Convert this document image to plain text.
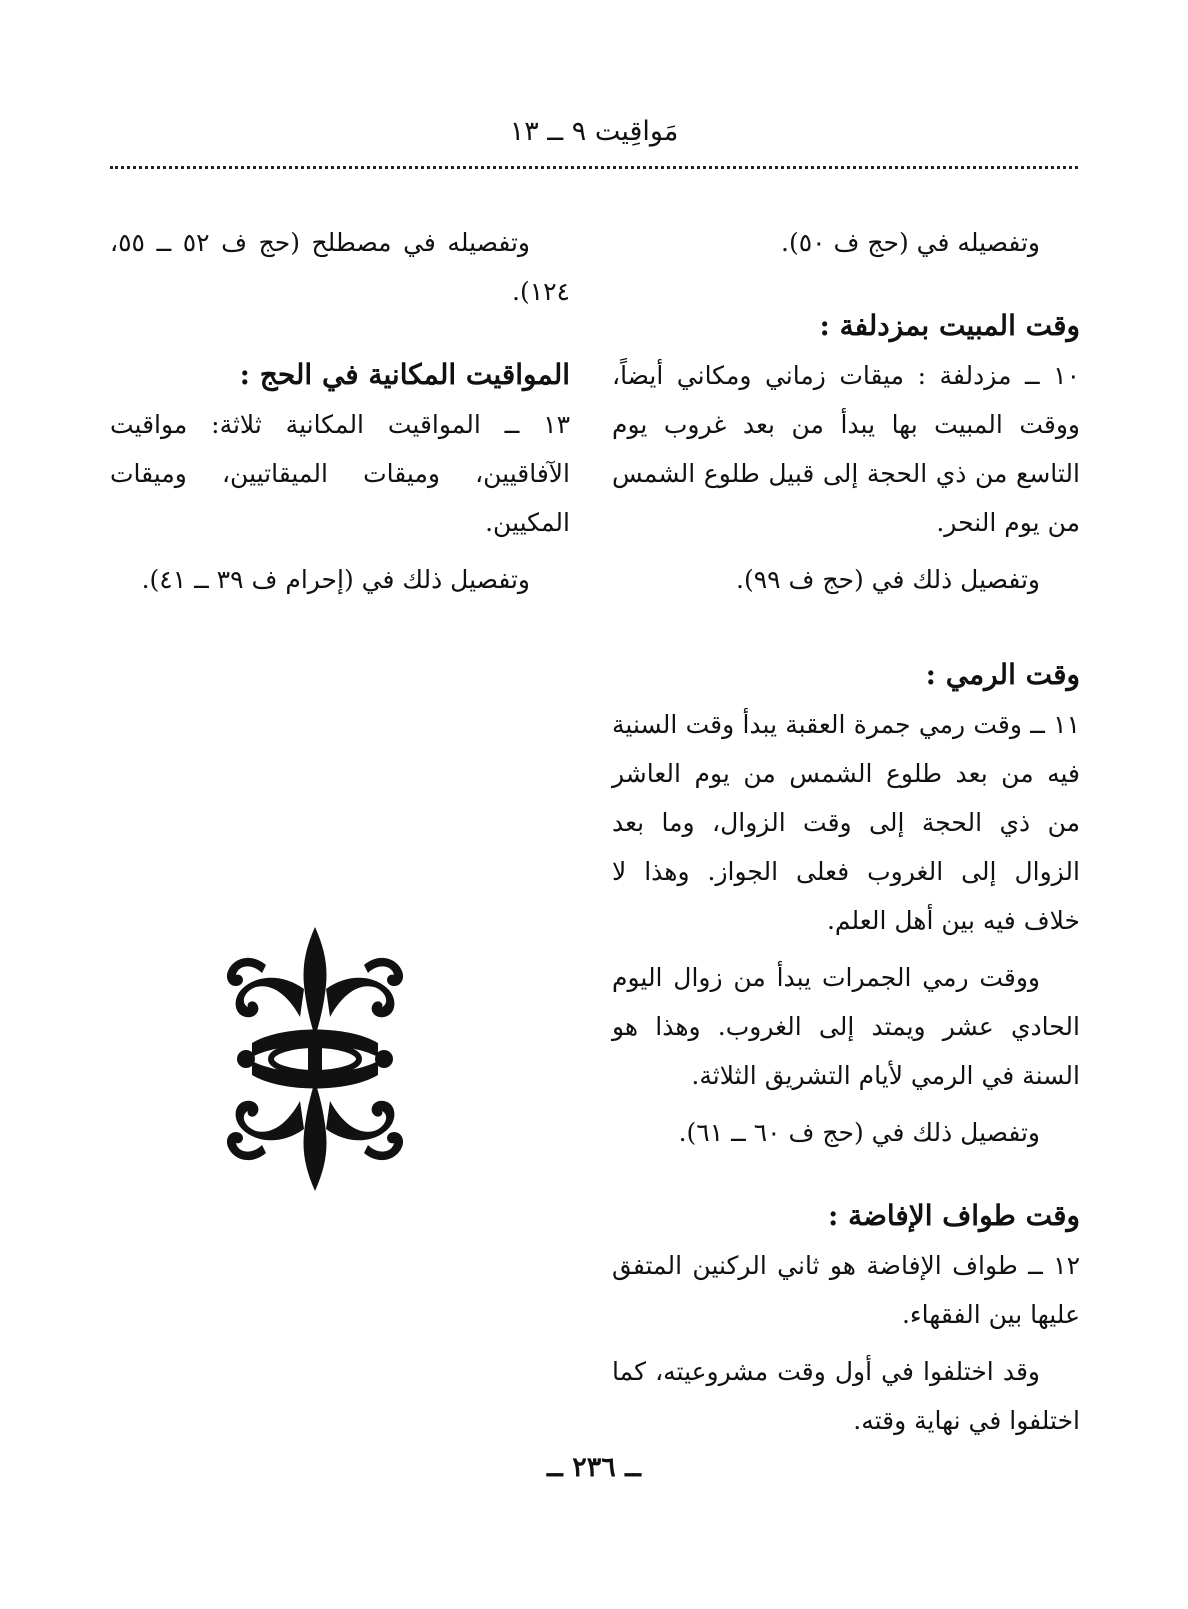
مَواقِيت ٩ ــ ١٣

وتفصيله في (حج ف ٥٠).

وقت المبيت بمزدلفة :

١٠ ــ مزدلفة : ميقات زماني ومكاني أيضاً، ووقت المبيت بها يبدأ من بعد غروب يوم التاسع من ذي الحجة إلى قبيل طلوع الشمس من يوم النحر.

وتفصيل ذلك في (حج ف ٩٩).

وقت الرمي :

١١ ــ وقت رمي جمرة العقبة يبدأ وقت السنية فيه من بعد طلوع الشمس من يوم العاشر من ذي الحجة إلى وقت الزوال، وما بعد الزوال إلى الغروب فعلى الجواز. وهذا لا خلاف فيه بين أهل العلم.

ووقت رمي الجمرات يبدأ من زوال اليوم الحادي عشر ويمتد إلى الغروب. وهذا هو السنة في الرمي لأيام التشريق الثلاثة.

وتفصيل ذلك في (حج ف ٦٠ ــ ٦١).

وقت طواف الإفاضة :

١٢ ــ طواف الإفاضة هو ثاني الركنين المتفق عليها بين الفقهاء.

وقد اختلفوا في أول وقت مشروعيته، كما اختلفوا في نهاية وقته.

وتفصيله في مصطلح (حج ف ٥٢ ــ ٥٥، ١٢٤).

المواقيت المكانية في الحج :

١٣ ــ المواقيت المكانية ثلاثة: مواقيت الآفاقيين، وميقات الميقاتيين، وميقات المكيين.

وتفصيل ذلك في (إحرام ف ٣٩ ــ ٤١).

ــ ٢٣٦ ــ
